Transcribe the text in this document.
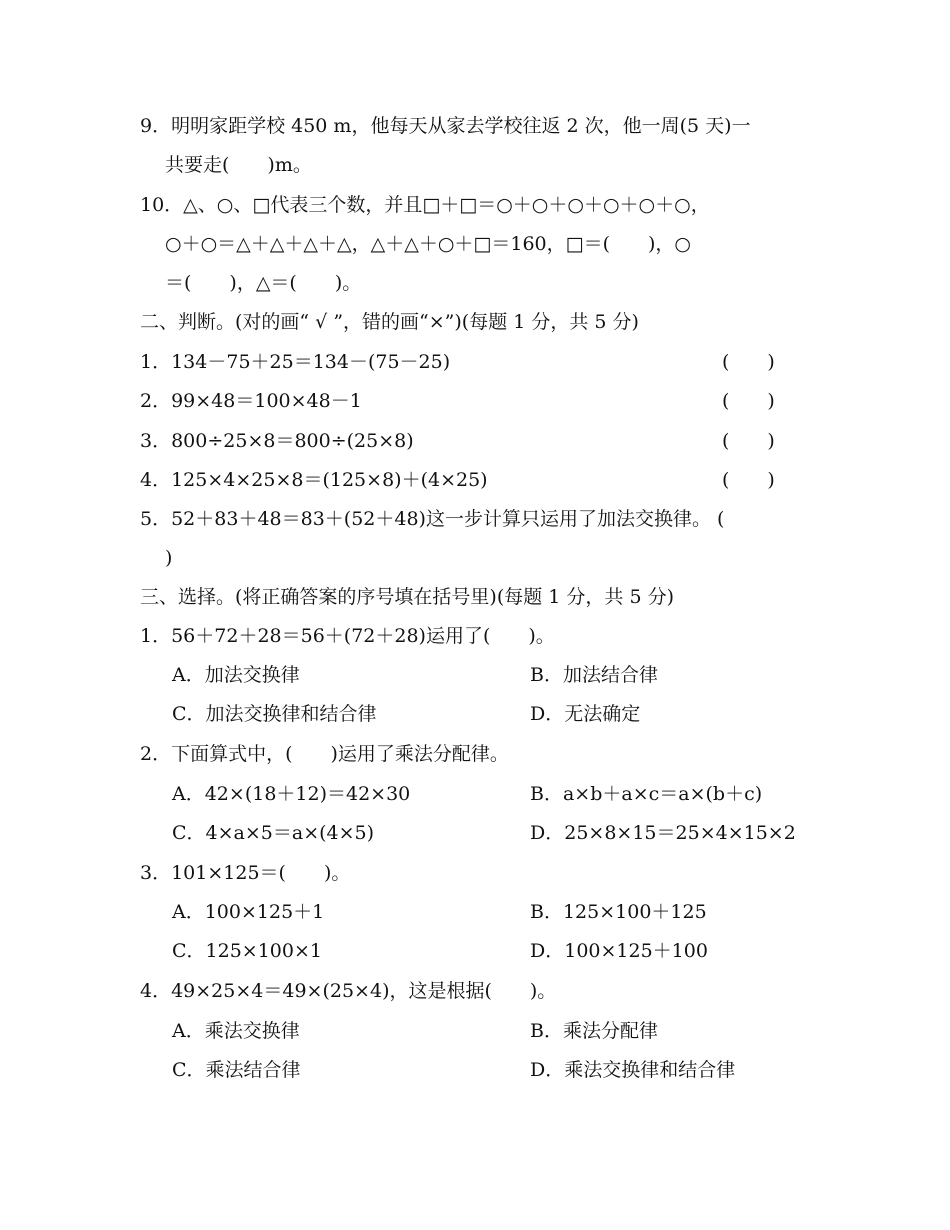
9．明明家距学校 450 m，他每天从家去学校往返 2 次，他一周(5 天)一
共要走(　　)m。
10．△、○、□代表三个数，并且□＋□＝○＋○＋○＋○＋○＋○，
○＋○＝△＋△＋△＋△，△＋△＋○＋□＝160，□＝(　　)，○
＝(　　)，△＝(　　)。
二、判断。(对的画“ √ ”，错的画“×”)(每题 1 分，共 5 分)
1．134－75＋25＝134－(75－25)	(　　)
2．99×48＝100×48－1	(　　)
3．800÷25×8＝800÷(25×8)	(　　)
4．125×4×25×8＝(125×8)＋(4×25)	(　　)
5．52＋83＋48＝83＋(52＋48)这一步计算只运用了加法交换律。 (
)
三、选择。(将正确答案的序号填在括号里)(每题 1 分，共 5 分)
1．56＋72＋28＝56＋(72＋28)运用了(　　)。
A．加法交换律	B．加法结合律
C．加法交换律和结合律	D．无法确定
2．下面算式中，(　　)运用了乘法分配律。
A．42×(18＋12)＝42×30	B．a×b＋a×c＝a×(b＋c)
C．4×a×5＝a×(4×5)	D．25×8×15＝25×4×15×2
3．101×125＝(　　)。
A．100×125＋1	B．125×100＋125
C．125×100×1	D．100×125＋100
4．49×25×4＝49×(25×4)，这是根据(　　)。
A．乘法交换律	B．乘法分配律
C．乘法结合律	D．乘法交换律和结合律
